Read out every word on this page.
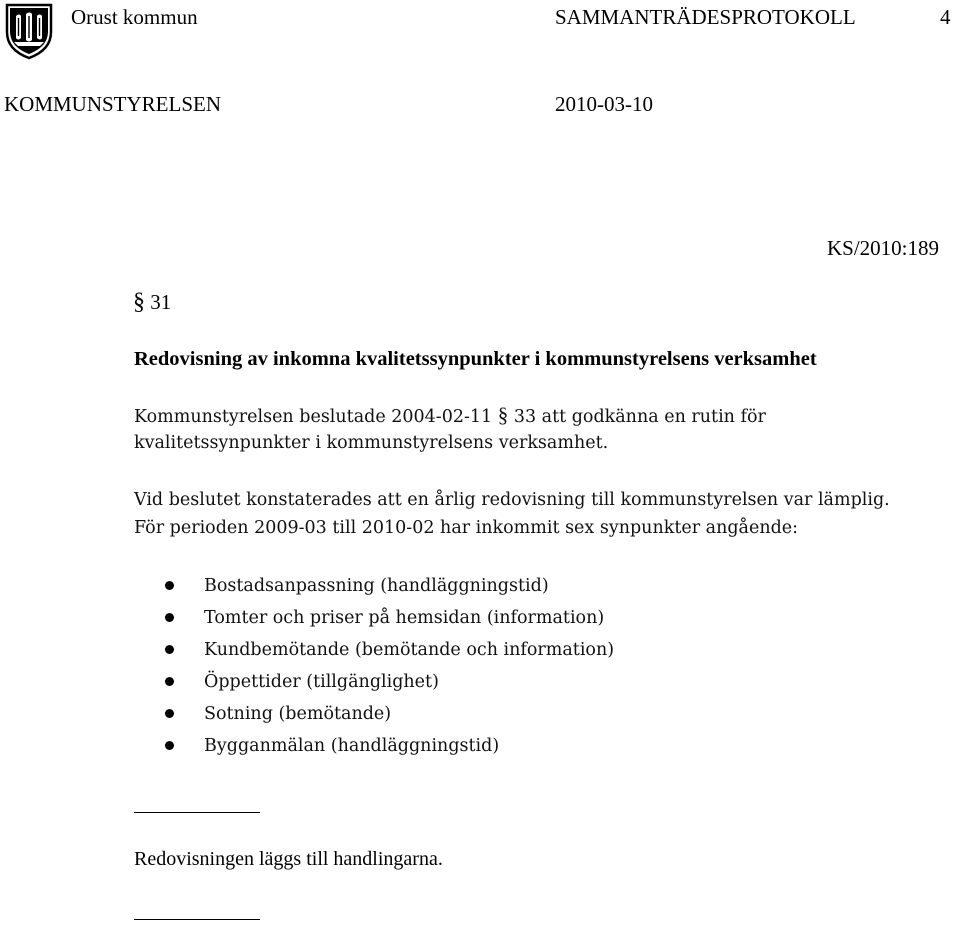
Orust kommun	SAMMANTRÄDESPROTOKOLL	4
KOMMUNSTYRELSEN	2010-03-10
KS/2010:189
§ 31
Redovisning av inkomna kvalitetssynpunkter i kommunstyrelsens verksamhet
Kommunstyrelsen beslutade 2004-02-11 § 33 att godkänna en rutin för
kvalitetssynpunkter i kommunstyrelsens verksamhet.
Vid beslutet konstaterades att en årlig redovisning till kommunstyrelsen var lämplig.
För perioden 2009-03 till 2010-02 har inkommit sex synpunkter angående:
Bostadsanpassning (handläggningstid)
Tomter och priser på hemsidan (information)
Kundbemötande (bemötande och information)
Öppettider (tillgänglighet)
Sotning (bemötande)
Bygganmälan (handläggningstid)
Redovisningen läggs till handlingarna.
